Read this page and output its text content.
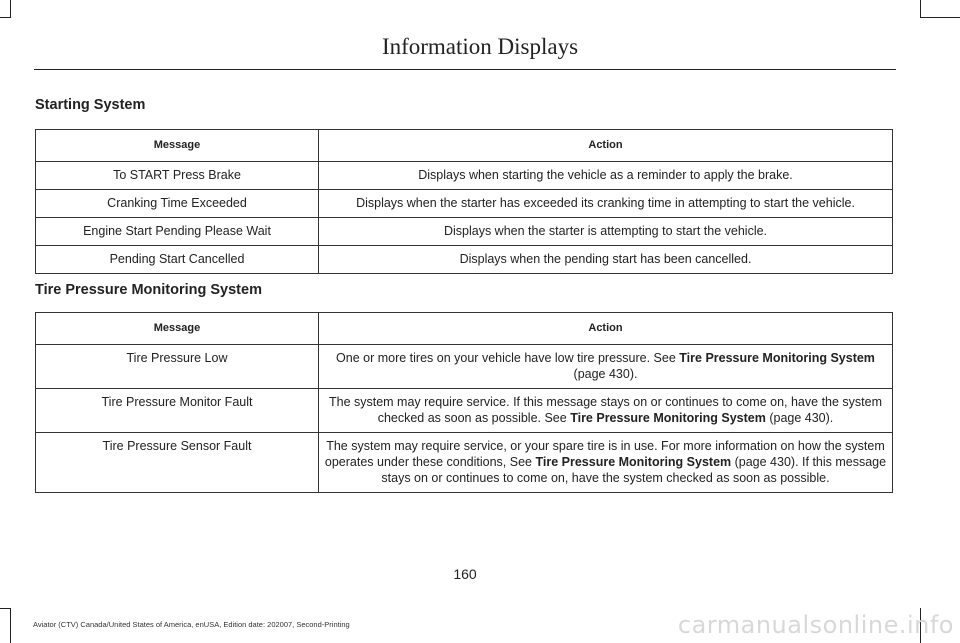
Information Displays
Starting System
Message	Action
To START Press Brake	Displays when starting the vehicle as a reminder to apply the brake.
Cranking Time Exceeded	Displays when the starter has exceeded its cranking time in attempting to start the vehicle.
Engine Start Pending Please Wait	Displays when the starter is attempting to start the vehicle.
Pending Start Cancelled	Displays when the pending start has been cancelled.
Tire Pressure Monitoring System
Message	Action
Tire Pressure Low	One or more tires on your vehicle have low tire pressure. See Tire Pressure Monitoring System (page 430).
Tire Pressure Monitor Fault	The system may require service. If this message stays on or continues to come on, have the system checked as soon as possible. See Tire Pressure Monitoring System (page 430).
Tire Pressure Sensor Fault	The system may require service, or your spare tire is in use. For more information on how the system operates under these conditions, See Tire Pressure Monitoring System (page 430). If this message stays on or continues to come on, have the system checked as soon as possible.
160
Aviator (CTV) Canada/United States of America, enUSA, Edition date: 202007, Second-Printing	carmanualsonline.info
